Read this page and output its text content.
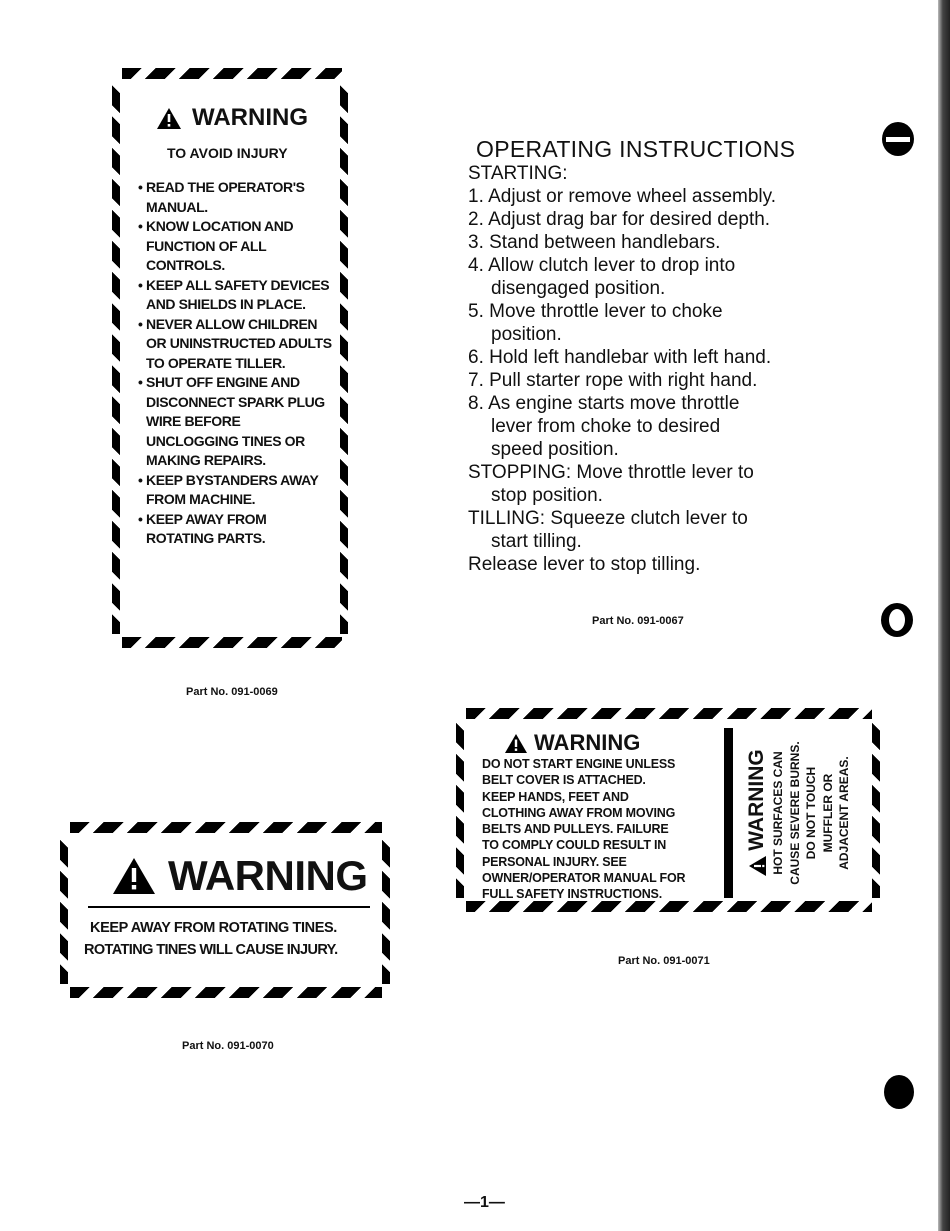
WARNING
TO AVOID INJURY
• READ THE OPERATOR'S MANUAL.
• KNOW LOCATION AND FUNCTION OF ALL CONTROLS.
• KEEP ALL SAFETY DEVICES AND SHIELDS IN PLACE.
• NEVER ALLOW CHILDREN OR UNINSTRUCTED ADULTS TO OPERATE TILLER.
• SHUT OFF ENGINE AND DISCONNECT SPARK PLUG WIRE BEFORE UNCLOGGING TINES OR MAKING REPAIRS.
• KEEP BYSTANDERS AWAY FROM MACHINE.
• KEEP AWAY FROM ROTATING PARTS.
Part No. 091-0069
OPERATING INSTRUCTIONS
STARTING:
1. Adjust or remove wheel assembly.
2. Adjust drag bar for desired depth.
3. Stand between handlebars.
4. Allow clutch lever to drop into
disengaged position.
5. Move throttle lever to choke
position.
6. Hold left handlebar with left hand.
7. Pull starter rope with right hand.
8. As engine starts move throttle
lever from choke to desired
speed position.
STOPPING: Move throttle lever to
stop position.
TILLING: Squeeze clutch lever to
start tilling.
Release lever to stop tilling.
Part No. 091-0067
WARNING
KEEP AWAY FROM ROTATING TINES.
ROTATING TINES WILL CAUSE INJURY.
Part No. 091-0070
WARNING
DO NOT START ENGINE UNLESS
BELT COVER IS ATTACHED.
KEEP HANDS, FEET AND
CLOTHING AWAY FROM MOVING
BELTS AND PULLEYS. FAILURE
TO COMPLY COULD RESULT IN
PERSONAL INJURY. SEE
OWNER/OPERATOR MANUAL FOR
FULL SAFETY INSTRUCTIONS.
WARNING HOT SURFACES CAN CAUSE SEVERE BURNS. DO NOT TOUCH MUFFLER OR ADJACENT AREAS.
Part No. 091-0071
—1—
